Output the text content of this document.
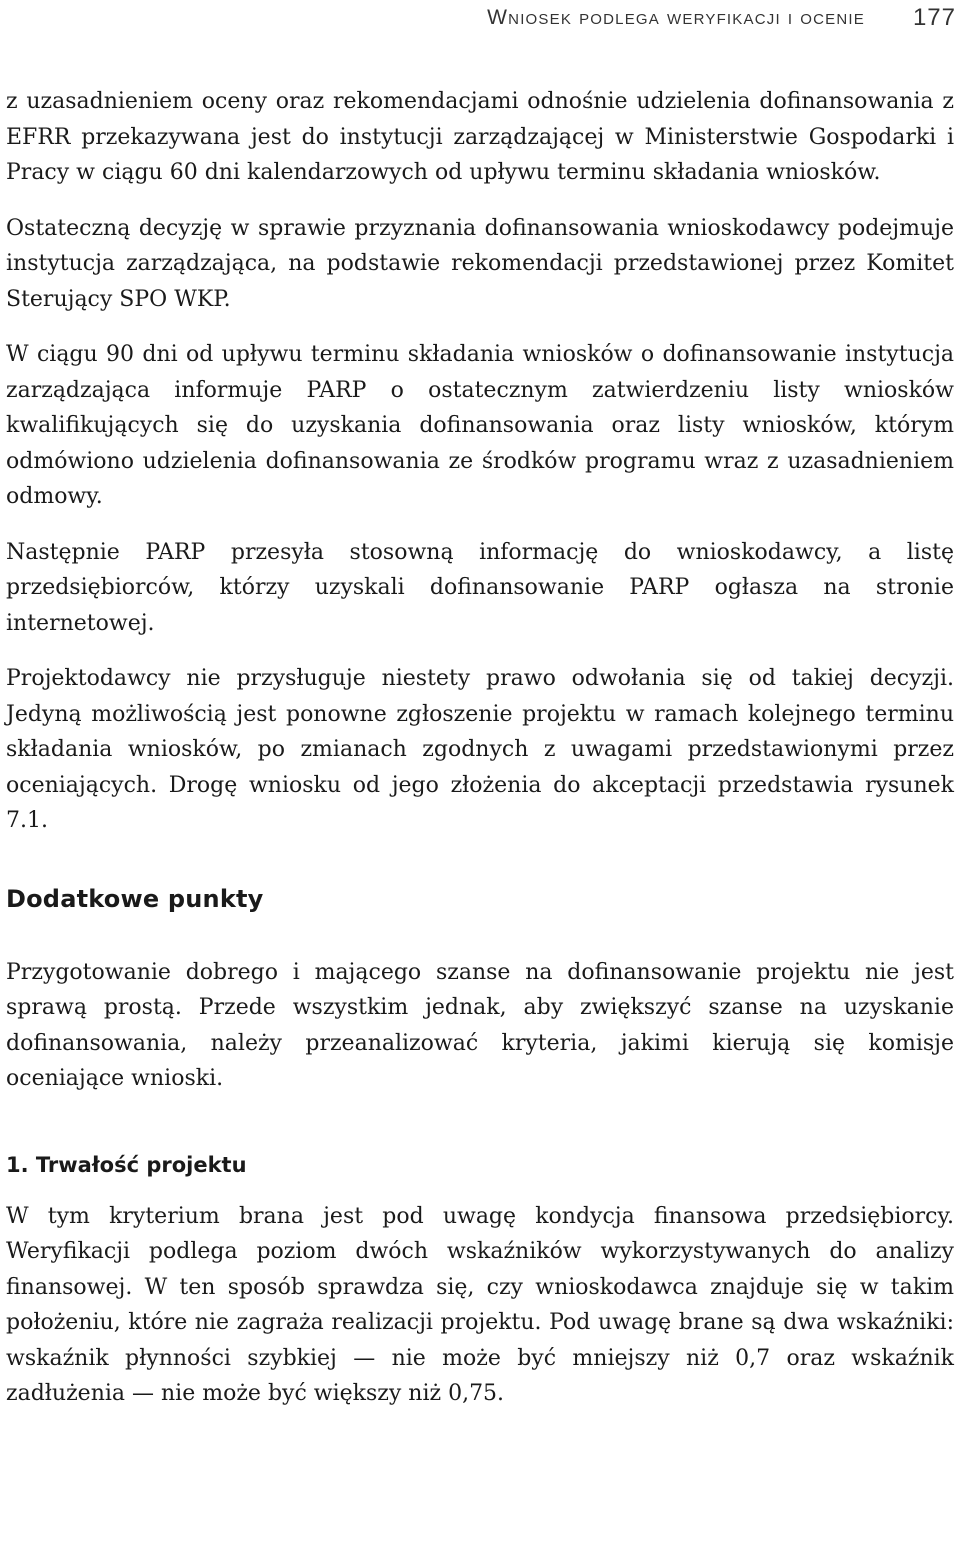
Wniosek podlega weryfikacji i ocenie 177

z uzasadnieniem oceny oraz rekomendacjami odnośnie udzielenia dofinansowania z EFRR przekazywana jest do instytucji zarządzającej w Ministerstwie Gospodarki i Pracy w ciągu 60 dni kalendarzowych od upływu terminu składania wniosków.

Ostateczną decyzję w sprawie przyznania dofinansowania wnioskodawcy podejmuje instytucja zarządzająca, na podstawie rekomendacji przedstawionej przez Komitet Sterujący SPO WKP.

W ciągu 90 dni od upływu terminu składania wniosków o dofinansowanie instytucja zarządzająca informuje PARP o ostatecznym zatwierdzeniu listy wniosków kwalifikujących się do uzyskania dofinansowania oraz listy wniosków, którym odmówiono udzielenia dofinansowania ze środków programu wraz z uzasadnieniem odmowy.

Następnie PARP przesyła stosowną informację do wnioskodawcy, a listę przedsiębiorców, którzy uzyskali dofinansowanie PARP ogłasza na stronie internetowej.

Projektodawcy nie przysługuje niestety prawo odwołania się od takiej decyzji. Jedyną możliwością jest ponowne zgłoszenie projektu w ramach kolejnego terminu składania wniosków, po zmianach zgodnych z uwagami przedstawionymi przez oceniających. Drogę wniosku od jego złożenia do akceptacji przedstawia rysunek 7.1.

Dodatkowe punkty

Przygotowanie dobrego i mającego szanse na dofinansowanie projektu nie jest sprawą prostą. Przede wszystkim jednak, aby zwiększyć szanse na uzyskanie dofinansowania, należy przeanalizować kryteria, jakimi kierują się komisje oceniające wnioski.

1. Trwałość projektu

W tym kryterium brana jest pod uwagę kondycja finansowa przedsiębiorcy. Weryfikacji podlega poziom dwóch wskaźników wykorzystywanych do analizy finansowej. W ten sposób sprawdza się, czy wnioskodawca znajduje się w takim położeniu, które nie zagraża realizacji projektu. Pod uwagę brane są dwa wskaźniki: wskaźnik płynności szybkiej — nie może być mniejszy niż 0,7 oraz wskaźnik zadłużenia — nie może być większy niż 0,75.
